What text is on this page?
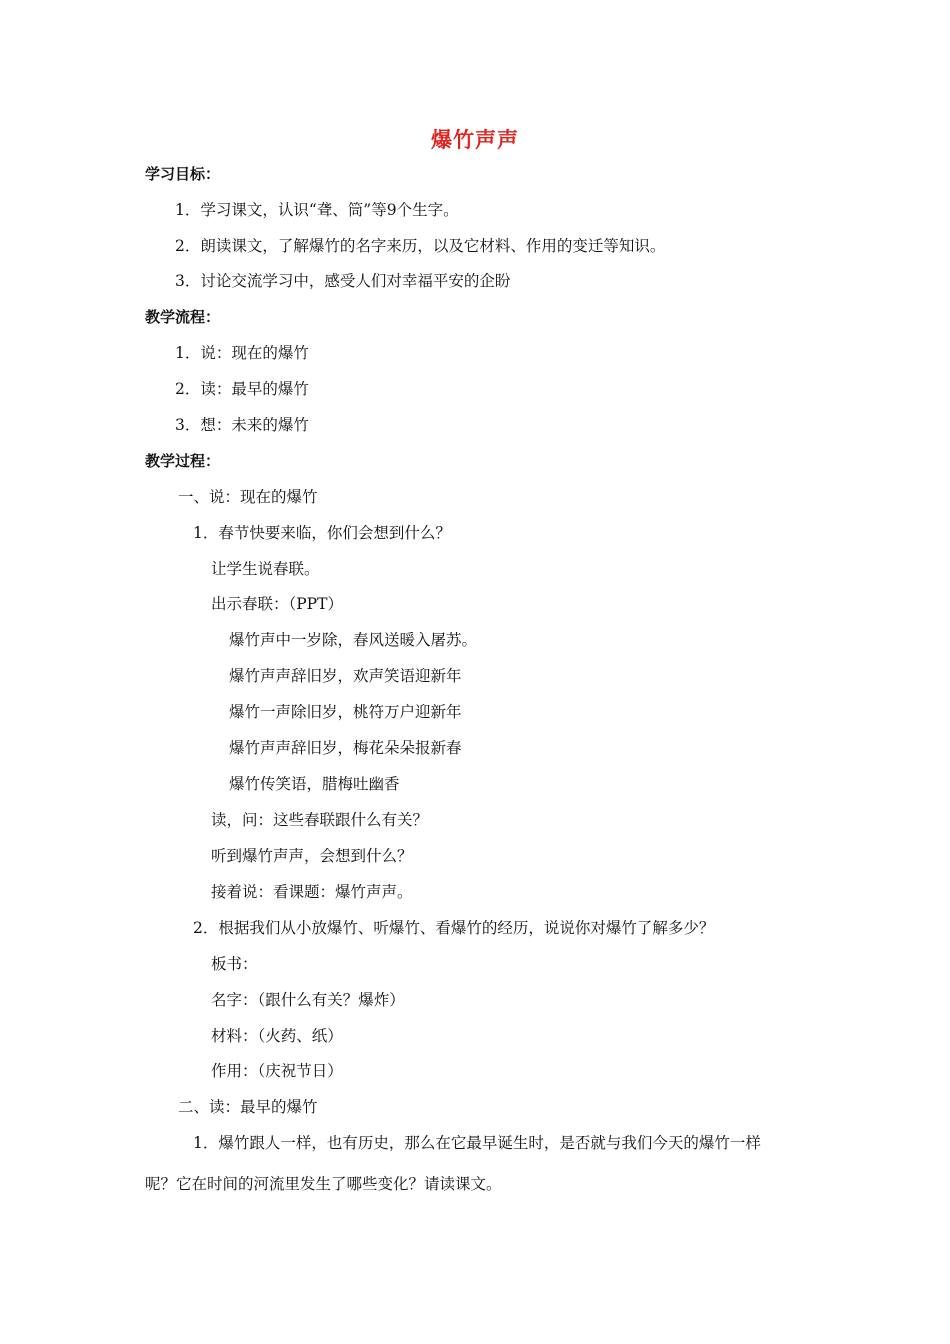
爆竹声声
学习目标：
1．学习课文，认识“聋、筒”等9个生字。
2．朗读课文，了解爆竹的名字来历，以及它材料、作用的变迁等知识。
3．讨论交流学习中，感受人们对幸福平安的企盼
教学流程：
1．说：现在的爆竹
2．读：最早的爆竹
3．想：未来的爆竹
教学过程：
一、说：现在的爆竹
1．春节快要来临，你们会想到什么？
让学生说春联。
出示春联：（PPT）
爆竹声中一岁除，春风送暖入屠苏。
爆竹声声辞旧岁，欢声笑语迎新年
爆竹一声除旧岁，桃符万户迎新年
爆竹声声辞旧岁，梅花朵朵报新春
爆竹传笑语，腊梅吐幽香
读，问：这些春联跟什么有关？
听到爆竹声声，会想到什么？
接着说：看课题：爆竹声声。
2．根据我们从小放爆竹、听爆竹、看爆竹的经历，说说你对爆竹了解多少？
板书：
名字：（跟什么有关？爆炸）
材料：（火药、纸）
作用：（庆祝节日）
二、读：最早的爆竹
1．爆竹跟人一样，也有历史，那么在它最早诞生时，是否就与我们今天的爆竹一样
呢？它在时间的河流里发生了哪些变化？请读课文。
